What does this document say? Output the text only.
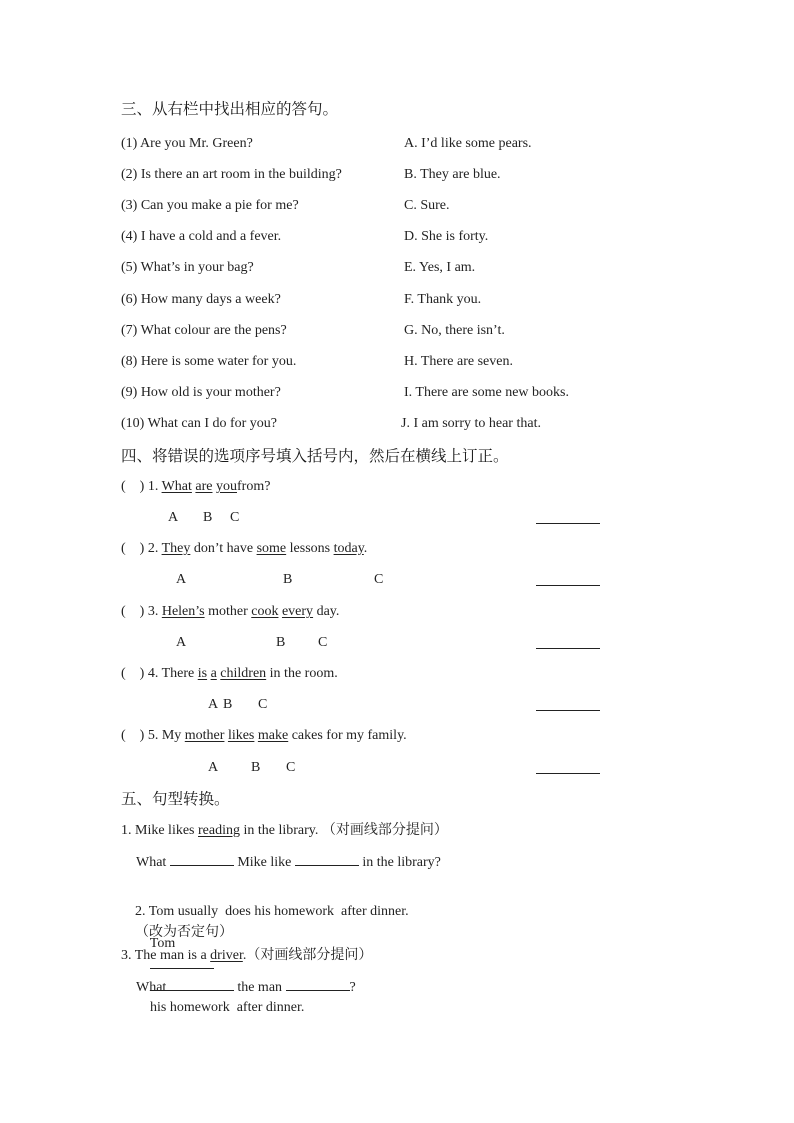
三、从右栏中找出相应的答句。
(1) Are you Mr. Green?	A. I’d like some pears.
(2) Is there an art room in the building?	B. They are blue.
(3) Can you make a pie for me?	C. Sure.
(4) I have a cold and a fever.	D. She is forty.
(5) What’s in your bag?	E. Yes, I am.
(6) How many days a week?	F. Thank you.
(7) What colour are the pens?	G. No, there isn’t.
(8) Here is some water for you.	H. There are seven.
(9) How old is your mother?	I. There are some new books.
(10) What can I do for you?	J. I am sorry to hear that.
四、将错误的选项序号填入括号内，然后在横线上订正。
(    ) 1. What are youfrom?
A B C
(    ) 2. They don’t have some lessons today.
A	B	C
(    ) 3. Helen’s mother cook every day.
A	B C
(    ) 4. There is a children in the room.
A B C
(    ) 5. My mother likes make cakes for my family.
A B C
五、句型转换。
1. Mike likes reading in the library. （对画线部分提问）
What	Mike like	in the library?

2. Tom usually  does his homework  after dinner.
（改为否定句）

Tom

his homework  after dinner.

3. The man is a driver.（对画线部分提问）
What	the man	?
